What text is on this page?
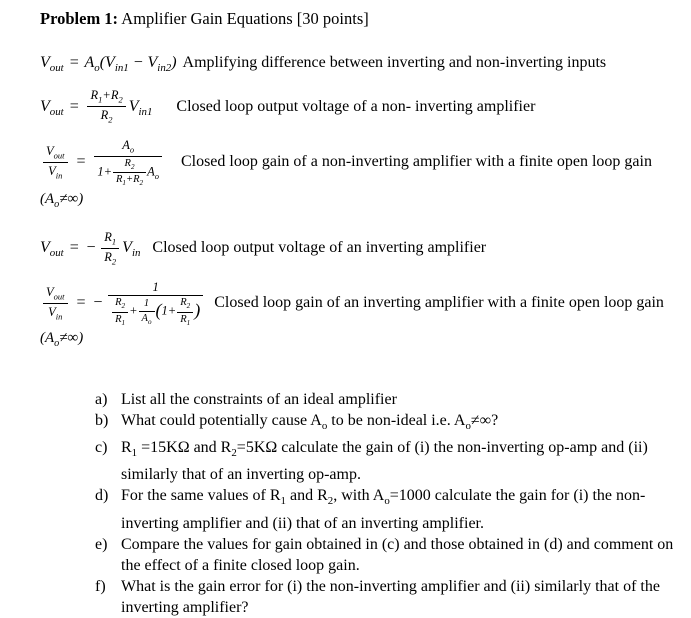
Problem 1: Amplifier Gain Equations [30 points]
$V_{out} = A_o(V_{in1} - V_{in2})$ Amplifying difference between inverting and non-inverting inputs
$V_{out} = \frac{R_1+R_2}{R_2} V_{in1}$ Closed loop output voltage of a non- inverting amplifier
$\frac{V_{out}}{V_{in}} = \frac{A_o}{1+ \frac{R_2}{R_1+R_2} A_o}$ Closed loop gain of a non-inverting amplifier with a finite open loop gain
$(A_o\ne\infty)$
$V_{out}$ = − $\frac{R_1}{R_2} V_{in}$ Closed loop output voltage of an inverting amplifier
$\frac{V_{out}}{V_{in}}$ = − $\frac{1}{\frac{R_2}{R_1} + \frac{1}{A_o} (1+ \frac{R_2}{R_1} )}$ Closed loop gain of an inverting amplifier with a finite open loop gain
$(A_o\ne\infty)$
a) List all the constraints of an ideal amplifier
b) What could potentially cause $A_o$ to be non-ideal i.e. $A_o\ne\infty$?
c) $R_1 =15K\Omega$ and $R_2=5K\Omega$ calculate the gain of (i) the non-inverting op-amp and (ii) similarly that of an inverting op-amp.
d) For the same values of $R_1$ and $R_2$, with $A_o=1000$ calculate the gain for (i) the non-inverting amplifier and (ii) that of an inverting amplifier.
e) Compare the values for gain obtained in (c) and those obtained in (d) and comment on the effect of a finite closed loop gain.
f) What is the gain error for (i) the non-inverting amplifier and (ii) similarly that of the inverting amplifier?
